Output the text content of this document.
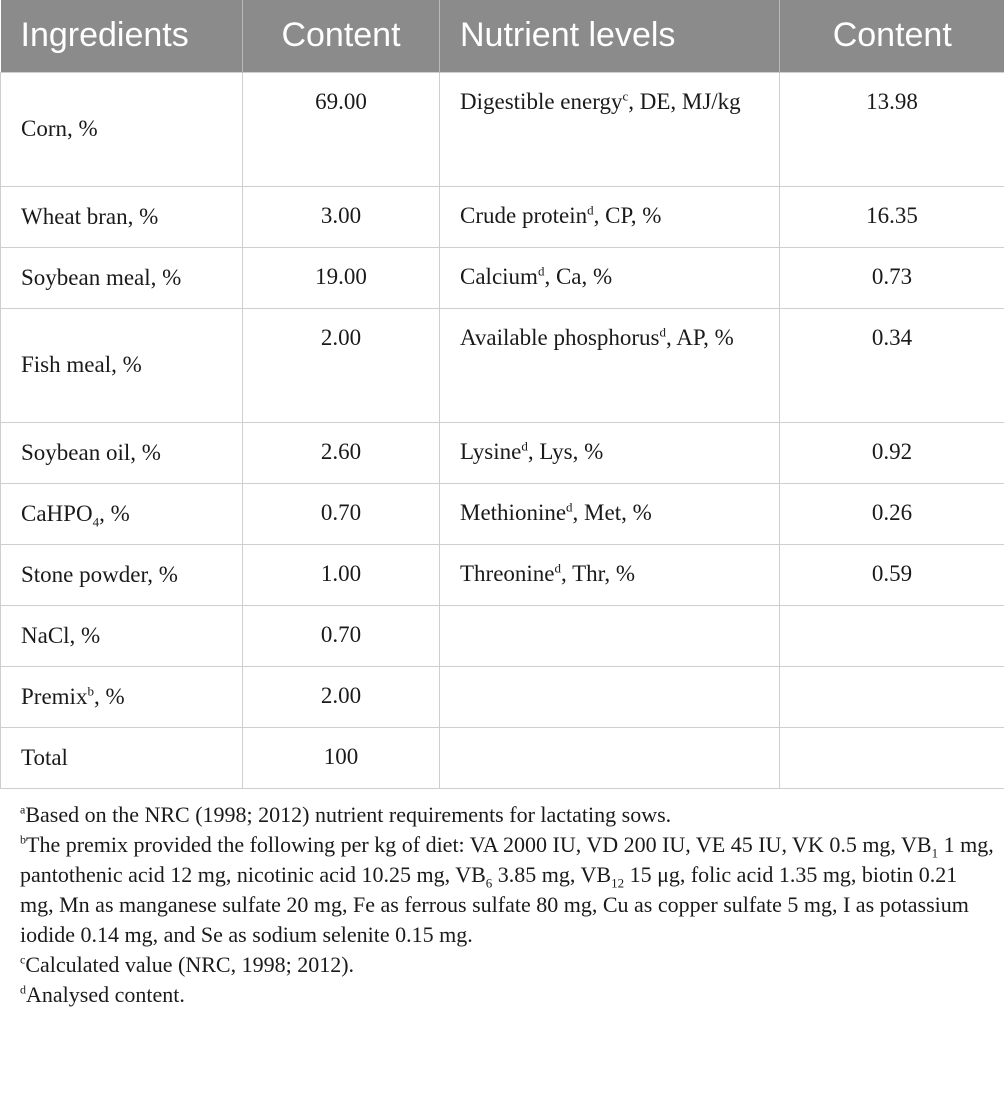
Ingredients	Content	Nutrient levels	Content
Corn, %	69.00	Digestible energy$^c$, DE, MJ/kg	13.98
Wheat bran, %	3.00	Crude protein$^d$, CP, %	16.35
Soybean meal, %	19.00	Calcium$^d$, Ca, %	0.73
Fish meal, %	2.00	Available phosphorus$^d$, AP, %	0.34
Soybean oil, %	2.60	Lysine$^d$, Lys, %	0.92
CaHPO$_4$, %	0.70	Methionine$^d$, Met, %	0.26
Stone powder, %	1.00	Threonine$^d$, Thr, %	0.59
NaCl, %	0.70		
Premix$^b$, %	2.00		
Total	100		

$^a$Based on the NRC (1998; 2012) nutrient requirements for lactating sows.

$^b$The premix provided the following per kg of diet: VA 2000 IU, VD 200 IU, VE 45 IU, VK 0.5 mg, $VB_1$ 1 mg, pantothenic acid 12 mg, nicotinic acid 10.25 mg, $VB_6$ 3.85 mg, $VB_{12}$ 15 μg, folic acid 1.35 mg, biotin 0.21 mg, Mn as manganese sulfate 20 mg, Fe as ferrous sulfate 80 mg, Cu as copper sulfate 5 mg, I as potassium iodide 0.14 mg, and Se as sodium selenite 0.15 mg.

$^c$Calculated value (NRC, 1998; 2012).

$^d$Analysed content.
